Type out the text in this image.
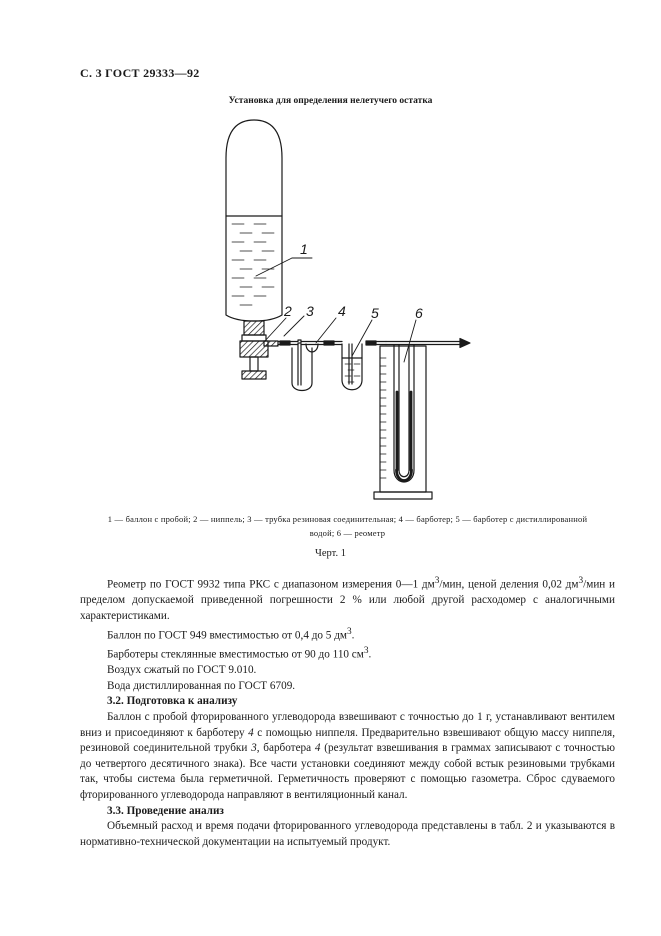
С. 3 ГОСТ 29333—92
Установка для определения нелетучего остатка
1
2 3 4 5	6
1 — баллон с пробой; 2 — ниппель; 3 — трубка резиновая соединительная; 4 — барботер; 5 — барботер с дистиллированной
водой; 6 — реометр
Черт. 1

Реометр по ГОСТ 9932 типа РКС с диапазоном измерения 0—1 $дм^3$/мин, ценой деления 0,02 $дм^3$/мин и пределом допускаемой приведенной погрешности 2 % или любой другой расходомер с аналогичными характеристиками.

Баллон по ГОСТ 949 вместимостью от 0,4 до 5 $дм^3$.

Барботеры стеклянные вместимостью от 90 до 110 $см^3$.

Воздух сжатый по ГОСТ 9.010.

Вода дистиллированная по ГОСТ 6709.

3.2. Подготовка к анализу

Баллон с пробой фторированного углеводорода взвешивают с точностью до 1 г, устанавливают вентилем вниз и присоединяют к барботеру 4 с помощью ниппеля. Предварительно взвешивают общую массу ниппеля, резиновой соединительной трубки 3, барботера 4 (результат взвешивания в граммах записывают с точностью до четвертого десятичного знака). Все части установки соединяют между собой встык резиновыми трубками так, чтобы система была герметичной. Герметичность проверяют с помощью газометра. Сброс сдуваемого фторированного углеводорода направляют в вентиляционный канал.

3.3. Проведение анализ

Объемный расход и время подачи фторированного углеводорода представлены в табл. 2 и указываются в нормативно-технической документации на испытуемый продукт.
